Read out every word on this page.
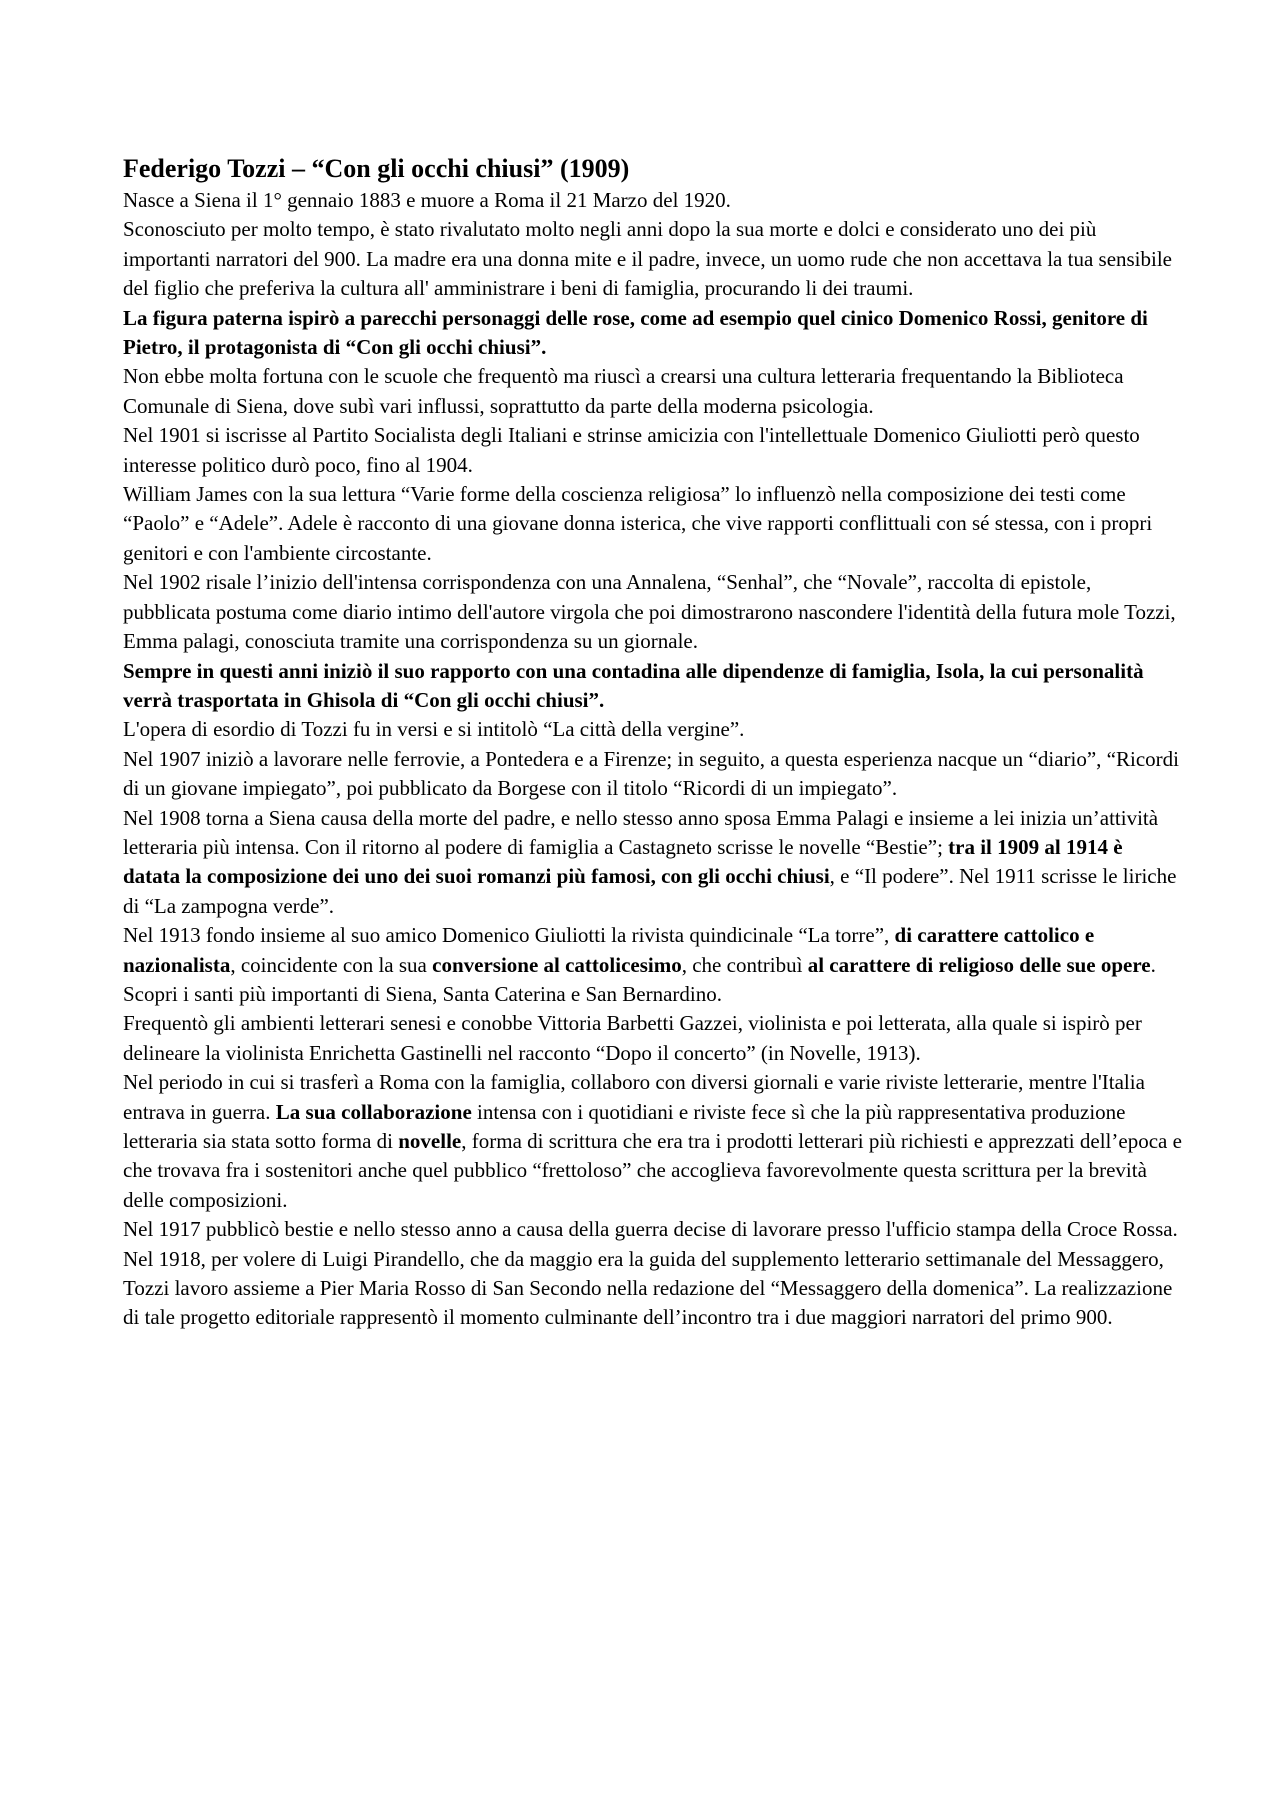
Federigo Tozzi – “Con gli occhi chiusi” (1909)

Nasce a Siena il 1° gennaio 1883 e muore a Roma il 21 Marzo del 1920.

Sconosciuto per molto tempo, è stato rivalutato molto negli anni dopo la sua morte e dolci e considerato uno dei più importanti narratori del 900. La madre era una donna mite e il padre, invece, un uomo rude che non accettava la tua sensibile del figlio che preferiva la cultura all' amministrare i beni di famiglia, procurando li dei traumi.

La figura paterna ispirò a parecchi personaggi delle rose, come ad esempio quel cinico Domenico Rossi, genitore di Pietro, il protagonista di “Con gli occhi chiusi”.

Non ebbe molta fortuna con le scuole che frequentò ma riuscì a crearsi una cultura letteraria frequentando la Biblioteca Comunale di Siena, dove subì vari influssi, soprattutto da parte della moderna psicologia.

Nel 1901 si iscrisse al Partito Socialista degli Italiani e strinse amicizia con l'intellettuale Domenico Giuliotti però questo interesse politico durò poco, fino al 1904.

William James con la sua lettura “Varie forme della coscienza religiosa” lo influenzò nella composizione dei testi come “Paolo” e “Adele”. Adele è racconto di una giovane donna isterica, che vive rapporti conflittuali con sé stessa, con i propri genitori e con l'ambiente circostante.

Nel 1902 risale l’inizio dell'intensa corrispondenza con una Annalena, “Senhal”, che “Novale”, raccolta di epistole, pubblicata postuma come diario intimo dell'autore virgola che poi dimostrarono nascondere l'identità della futura mole Tozzi, Emma palagi, conosciuta tramite una corrispondenza su un giornale.

Sempre in questi anni iniziò il suo rapporto con una contadina alle dipendenze di famiglia, Isola, la cui personalità verrà trasportata in Ghisola di “Con gli occhi chiusi”.

L'opera di esordio di Tozzi fu in versi e si intitolò “La città della vergine”.

Nel 1907 iniziò a lavorare nelle ferrovie, a Pontedera e a Firenze; in seguito, a questa esperienza nacque un “diario”, “Ricordi di un giovane impiegato”, poi pubblicato da Borgese con il titolo “Ricordi di un impiegato”.

Nel 1908 torna a Siena causa della morte del padre, e nello stesso anno sposa Emma Palagi e insieme a lei inizia un’attività letteraria più intensa. Con il ritorno al podere di famiglia a Castagneto scrisse le novelle “Bestie”; tra il 1909 al 1914 è datata la composizione dei uno dei suoi romanzi più famosi, con gli occhi chiusi, e “Il podere”. Nel 1911 scrisse le liriche di “La zampogna verde”.

Nel 1913 fondo insieme al suo amico Domenico Giuliotti la rivista quindicinale “La torre”, di carattere cattolico e nazionalista, coincidente con la sua conversione al cattolicesimo, che contribuì al carattere di religioso delle sue opere. Scopri i santi più importanti di Siena, Santa Caterina e San Bernardino.

Frequentò gli ambienti letterari senesi e conobbe Vittoria Barbetti Gazzei, violinista e poi letterata, alla quale si ispirò per delineare la violinista Enrichetta Gastinelli nel racconto “Dopo il concerto” (in Novelle, 1913).

Nel periodo in cui si trasferì a Roma con la famiglia, collaboro con diversi giornali e varie riviste letterarie, mentre l'Italia entrava in guerra. La sua collaborazione intensa con i quotidiani e riviste fece sì che la più rappresentativa produzione letteraria sia stata sotto forma di novelle, forma di scrittura che era tra i prodotti letterari più richiesti e apprezzati dell’epoca e che trovava fra i sostenitori anche quel pubblico “frettoloso” che accoglieva favorevolmente questa scrittura per la brevità delle composizioni.

Nel 1917 pubblicò bestie e nello stesso anno a causa della guerra decise di lavorare presso l'ufficio stampa della Croce Rossa.

Nel 1918, per volere di Luigi Pirandello, che da maggio era la guida del supplemento letterario settimanale del Messaggero, Tozzi lavoro assieme a Pier Maria Rosso di San Secondo nella redazione del “Messaggero della domenica”. La realizzazione di tale progetto editoriale rappresentò il momento culminante dell’incontro tra i due maggiori narratori del primo 900.
